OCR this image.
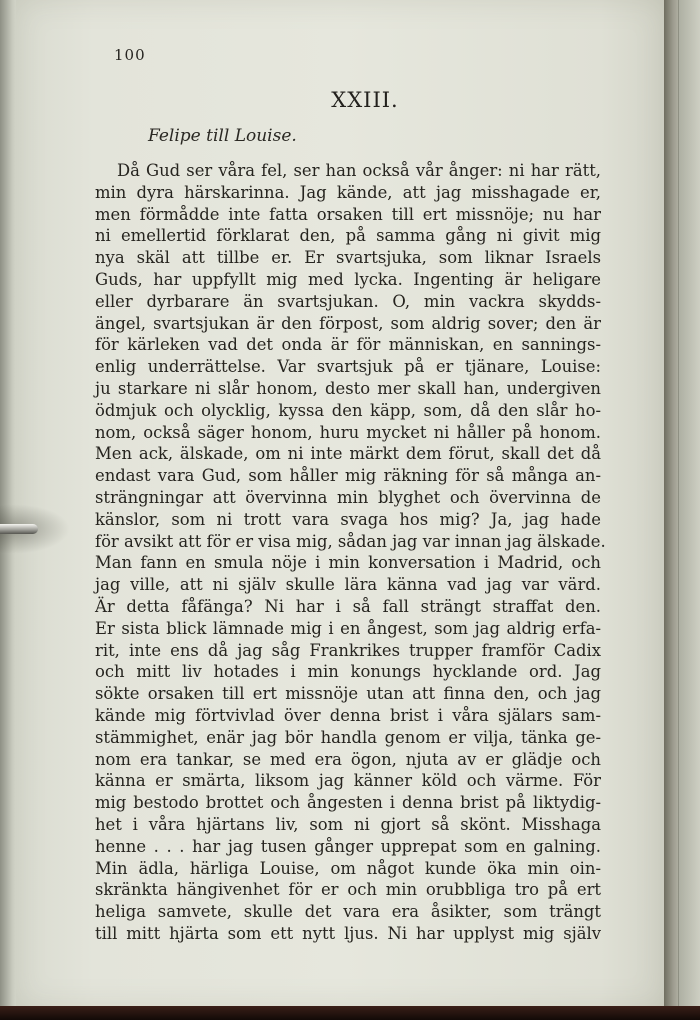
100
XXIII.
Felipe till Louise.
Då Gud ser våra fel, ser han också vår ånger: ni har rätt,
min dyra härskarinna. Jag kände, att jag misshagade er,
men förmådde inte fatta orsaken till ert missnöje; nu har
ni emellertid förklarat den, på samma gång ni givit mig
nya skäl att tillbe er. Er svartsjuka, som liknar Israels
Guds, har uppfyllt mig med lycka. Ingenting är heligare
eller dyrbarare än svartsjukan. O, min vackra skydds-
ängel, svartsjukan är den förpost, som aldrig sover; den är
för kärleken vad det onda är för människan, en sannings-
enlig underrättelse. Var svartsjuk på er tjänare, Louise:
ju starkare ni slår honom, desto mer skall han, undergiven
ödmjuk och olycklig, kyssa den käpp, som, då den slår ho-
nom, också säger honom, huru mycket ni håller på honom.
Men ack, älskade, om ni inte märkt dem förut, skall det då
endast vara Gud, som håller mig räkning för så många an-
strängningar att övervinna min blyghet och övervinna de
känslor, som ni trott vara svaga hos mig? Ja, jag hade
för avsikt att för er visa mig, sådan jag var innan jag älskade.
Man fann en smula nöje i min konversation i Madrid, och
jag ville, att ni själv skulle lära känna vad jag var värd.
Är detta fåfänga? Ni har i så fall strängt straffat den.
Er sista blick lämnade mig i en ångest, som jag aldrig erfa-
rit, inte ens då jag såg Frankrikes trupper framför Cadix
och mitt liv hotades i min konungs hycklande ord. Jag
sökte orsaken till ert missnöje utan att finna den, och jag
kände mig förtvivlad över denna brist i våra själars sam-
stämmighet, enär jag bör handla genom er vilja, tänka ge-
nom era tankar, se med era ögon, njuta av er glädje och
känna er smärta, liksom jag känner köld och värme. För
mig bestodo brottet och ångesten i denna brist på liktydig-
het i våra hjärtans liv, som ni gjort så skönt. Misshaga
henne . . . har jag tusen gånger upprepat som en galning.
Min ädla, härliga Louise, om något kunde öka min oin-
skränkta hängivenhet för er och min orubbliga tro på ert
heliga samvete, skulle det vara era åsikter, som trängt
till mitt hjärta som ett nytt ljus. Ni har upplyst mig själv
